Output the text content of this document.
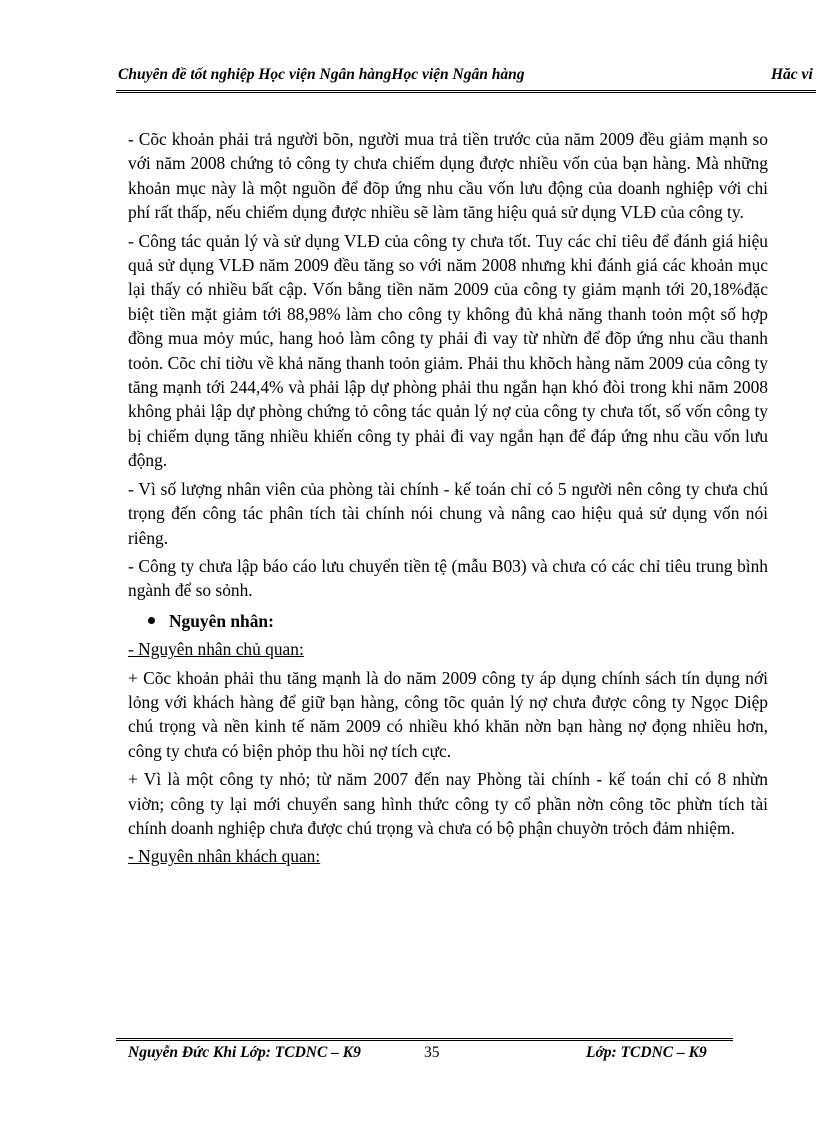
Chuyên đề tốt nghiệp Học viện Ngân hàngHọc viện Ngân hàng	Hăc vi

- Cõc khoản phải trả người bõn, người mua trả tiền trước của năm 2009 đều giảm mạnh so với năm 2008 chứng tỏ công ty chưa chiếm dụng được nhiều vốn của bạn hàng. Mà những khoản mục này là một nguồn để đõp ứng nhu cầu vốn lưu động của doanh nghiệp với chi phí rất thấp, nếu chiếm dụng được nhiều sẽ làm tăng hiệu quả sử dụng VLĐ của công ty.

- Công tác quản lý và sử dụng VLĐ của công ty chưa tốt. Tuy các chỉ tiêu để đánh giá hiệu quả sử dụng VLĐ năm 2009 đều tăng so với năm 2008 nhưng khi đánh giá các khoản mục lại thấy có nhiều bất cập. Vốn bằng tiền năm 2009 của công ty giảm mạnh tới 20,18%đặc biệt tiền mặt giảm tới 88,98% làm cho công ty không đủ khả năng thanh toỏn một số hợp đồng mua mỏy múc, hang hoỏ làm công ty phải đi vay từ nhừn để đõp ứng nhu cầu thanh toỏn. Cõc chỉ tiờu về khả năng thanh toỏn giảm. Phải thu khõch hàng năm 2009 của công ty tăng mạnh tới 244,4% và phải lập dự phòng phải thu ngắn hạn khó đòi trong khi năm 2008 không phải lập dự phòng chứng tỏ công tác quản lý nợ của công ty chưa tốt, số vốn công ty bị chiếm dụng tăng nhiều khiến công ty phải đi vay ngắn hạn để đáp ứng nhu cầu vốn lưu động.

- Vì số lượng nhân viên của phòng tài chính - kế toán chỉ có 5 người nên công ty chưa chú trọng đến công tác phân tích tài chính nói chung và nâng cao hiệu quả sử dụng vốn nói riêng.

- Công ty chưa lập báo cáo lưu chuyển tiền tệ (mẫu B03) và chưa có các chỉ tiêu trung bình ngành để so sỏnh.

Nguyên nhân:

- Nguyên nhân chủ quan:

+ Cõc khoản phải thu tăng mạnh là do năm 2009 công ty áp dụng chính sách tín dụng nới lỏng với khách hàng để giữ bạn hàng, công tõc quản lý nợ chưa được công ty Ngọc Diệp chú trọng và nền kinh tế năm 2009 có nhiều khó khăn nờn bạn hàng nợ đọng nhiều hơn, công ty chưa có biện phỏp thu hồi nợ tích cực.

+ Vì là một công ty nhỏ; từ năm 2007 đến nay Phòng tài chính - kế toán chỉ có 8 nhừn viờn; công ty lại mới chuyển sang hình thức công ty cổ phần nờn công tõc phừn tích tài chính doanh nghiệp chưa được chú trọng và chưa có bộ phận chuyờn trỏch đảm nhiệm.

- Nguyên nhân khách quan:

Nguyễn Đức Khi Lớp: TCDNC – K9	35	Lớp: TCDNC – K9
